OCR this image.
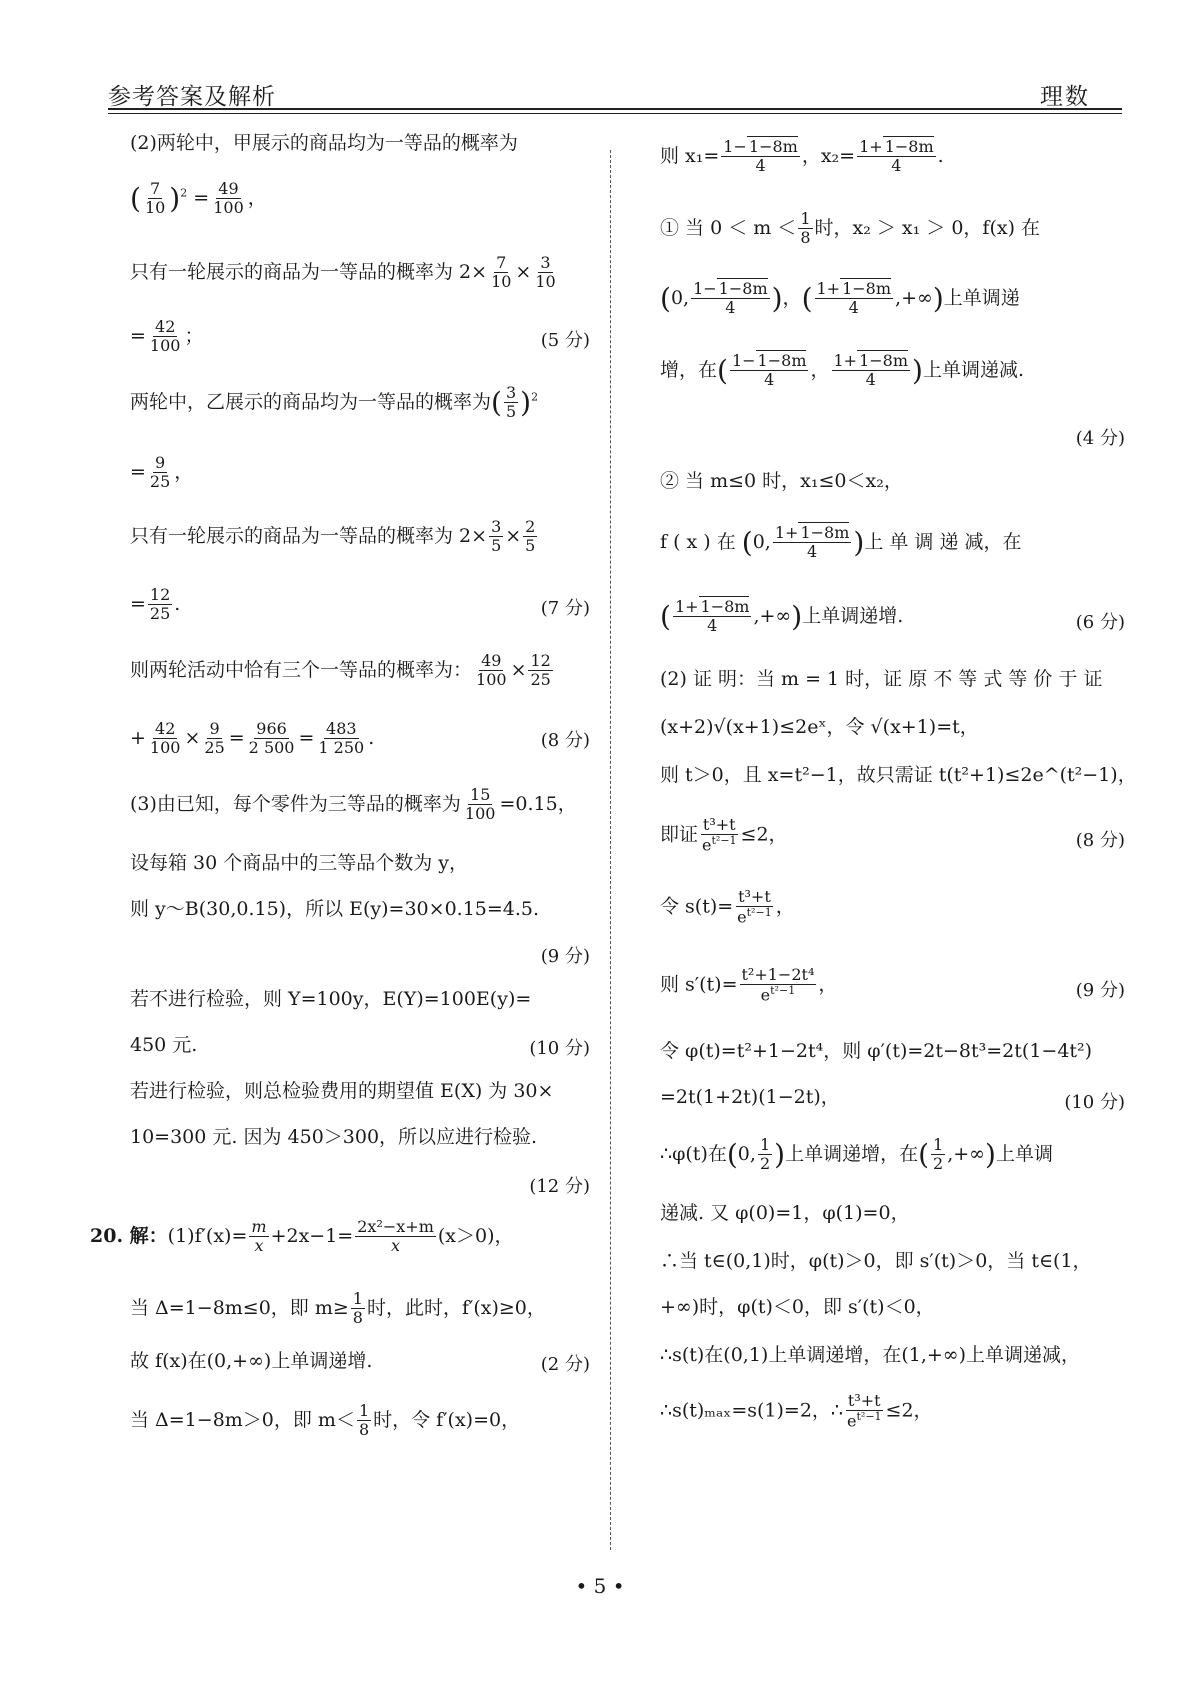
参考答案及解析	理数
(2)两轮中，甲展示的商品均为一等品的概率为
( $\frac{7}{10} )^2 = \frac{49}{100}$ ，
只有一轮展示的商品为一等品的概率为 $2\times \frac{7}{10} \times \frac{3}{10}$
= $\frac{42}{100}$ ；	(5 分)
两轮中，乙展示的商品均为一等品的概率为( $\frac{3}{5} )^2$
= $\frac{9}{25}$ ，
只有一轮展示的商品为一等品的概率为 $2\times \frac{3}{5} \times \frac{2}{5}$
= $\frac{12}{25}$ .	(7 分)
则两轮活动中恰有三个一等品的概率为： $\frac{49}{100} \times \frac{12}{25}$
+ $\frac{42}{100} \times \frac{9}{25} = \frac{966}{2 500} = \frac{483}{1 250}$ .	(8 分)
(3)由已知，每个零件为三等品的概率为 $\frac{15}{100} =0.15$，
设每箱 30 个商品中的三等品个数为 y，
则 y～B(30,0.15)，所以 E(y)=30×0.15=4.5.
(9 分)
若不进行检验，则 Y=100y，E(Y)=100E(y)=
450 元.	(10 分)
若进行检验，则总检验费用的期望值 E(X) 为 30×
10=300 元. 因为 450＞300，所以应进行检验.
(12 分)
20. 解：$(1)f'(x)= \frac{m}{x} +2x-1= \frac{\text{2x²−x+m}}{x} (x>0)$，
当 Δ=1−8m≤0，即 $m\ge \frac{1}{8}$ 时，此时，f′(x)≥0，
故 f(x)在(0,+∞)上单调递增.	(2 分)
当 Δ=1−8m＞0，即 $m< \frac{1}{8}$ 时，令 f′(x)=0，
则 $x_1= \frac{1- 1-8m}{4}$ ，$x_2= \frac{1+ 1-8m}{4}$ .
① 当 $0 < m < \frac{1}{8}$ 时，x₂ ＞ x₁ ＞ 0，f(x) 在
(0, $\frac{1- 1-8m}{4}$ )，( $\frac{1+ 1-8m}{4}$ ,+∞)上单调递
增，在( $\frac{1- 1-8m}{4}$ ， $\frac{1+ 1-8m}{4}$ )上单调递减.
(4 分)
② 当 m≤0 时，x₁≤0＜x₂，
f ( x ) 在 (0, $\frac{1+ 1-8m}{4}$ )上 单 调 递 减，在
( $\frac{1+ 1-8m}{4}$ ,+∞)上单调递增.	(6 分)
(2) 证 明：当 m = 1 时，证 原 不 等 式 等 价 于 证
(x+2)√(x+1)≤2eˣ，令 √(x+1)=t，
则 t＞0，且 x=t²−1，故只需证 t(t²+1)≤2e^(t²−1)，
即证 $\frac{\text{t³+t}}{e^{t^2-1}} \le 2$，	(8 分)
令 $s(t)= \frac{\text{t³+t}}{e^{t^2-1}}$ ，
则 $s'(t)= \frac{\text{t²+1−2t⁴}}{e^{t^2-1}}$ ，	(9 分)
令 φ(t)=t²+1−2t⁴，则 φ′(t)=2t−8t³=2t(1−4t²)
=2t(1+2t)(1−2t)，	(10 分)
∴φ(t)在(0, $\frac{1}{2}$ )上单调递增，在( $\frac{1}{2}$ ,+∞)上单调
递减. 又 φ(0)=1，φ(1)=0，
∴当 t∈(0,1)时，φ(t)＞0，即 s′(t)＞0，当 t∈(1，
+∞)时，φ(t)＜0，即 s′(t)＜0，
∴s(t)在(0,1)上单调递增，在(1,+∞)上单调递减，
∴s(t)ₘₐₓ=s(1)=2，∴ $\frac{\text{t³+t}}{e^{t^2-1}} \le 2$，
• 5 •
